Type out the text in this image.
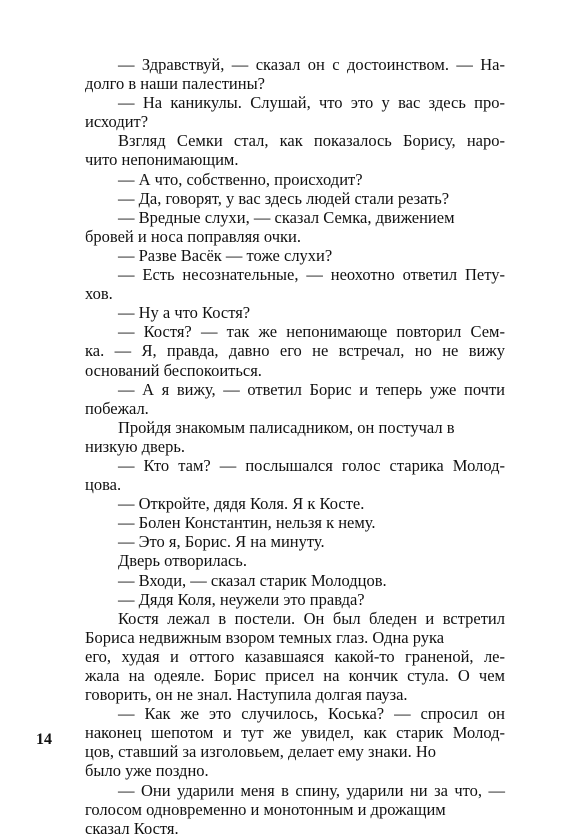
— Здравствуй, — сказал он с достоинством. — На-
долго в наши палестины?
— На каникулы. Слушай, что это у вас здесь про-
исходит?
Взгляд Семки стал, как показалось Борису, наро-
чито непонимающим.
— А что, собственно, происходит?
— Да, говорят, у вас здесь людей стали резать?
— Вредные слухи, — сказал Семка, движением
бровей и носа поправляя очки.
— Разве Васёк — тоже слухи?
— Есть несознательные, — неохотно ответил Пету-
хов.
— Ну а что Костя?
— Костя? — так же непонимающе повторил Сем-
ка. — Я, правда, давно его не встречал, но не вижу
оснований беспокоиться.
— А я вижу, — ответил Борис и теперь уже почти
побежал.
Пройдя знакомым палисадником, он постучал в
низкую дверь.
— Кто там? — послышался голос старика Молод-
цова.
— Откройте, дядя Коля. Я к Косте.
— Болен Константин, нельзя к нему.
— Это я, Борис. Я на минуту.
Дверь отворилась.
— Входи, — сказал старик Молодцов.
— Дядя Коля, неужели это правда?
Костя лежал в постели. Он был бледен и встретил
Бориса недвижным взором темных глаз. Одна рука
его, худая и оттого казавшаяся какой-то граненой, ле-
жала на одеяле. Борис присел на кончик стула. О чем
говорить, он не знал. Наступила долгая пауза.
— Как же это случилось, Коська? — спросил он
наконец шепотом и тут же увидел, как старик Молод-
цов, ставший за изголовьем, делает ему знаки. Но
было уже поздно.
— Они ударили меня в спину, ударили ни за что, —
голосом одновременно и монотонным и дрожащим
сказал Костя.
14
